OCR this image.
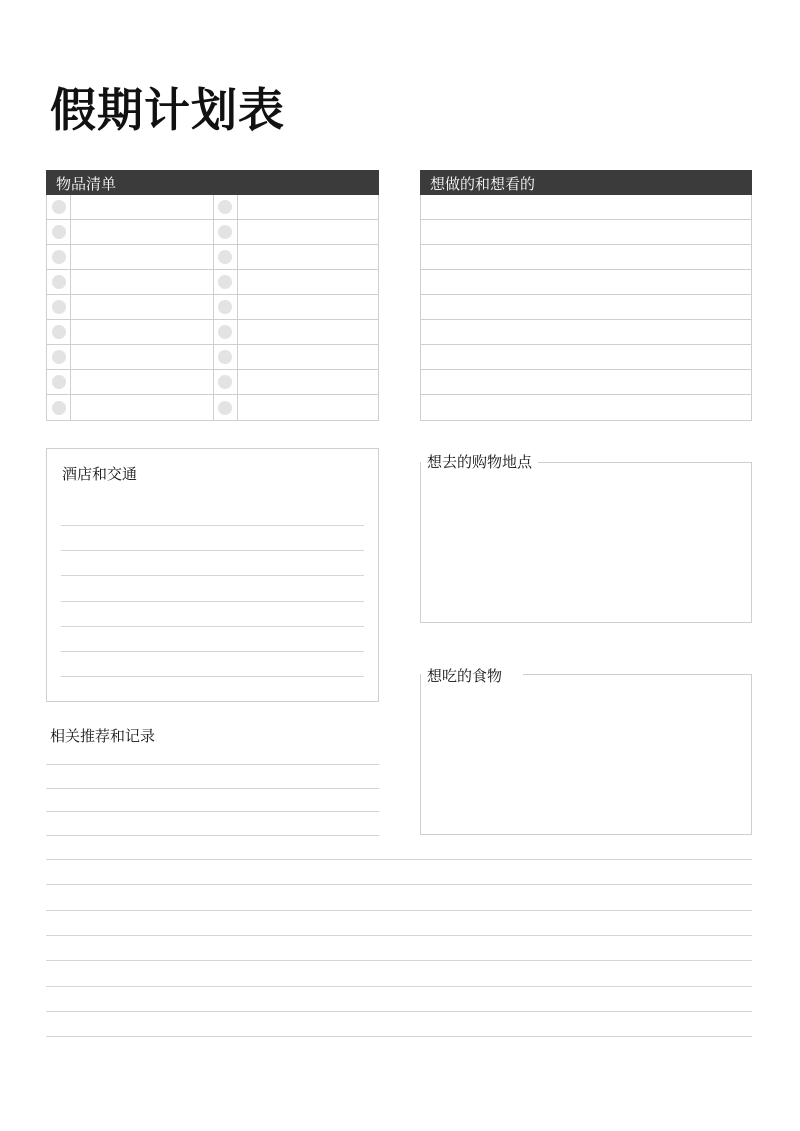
假期计划表
物品清单	想做的和想看的
酒店和交通
想去的购物地点
想吃的食物
相关推荐和记录
